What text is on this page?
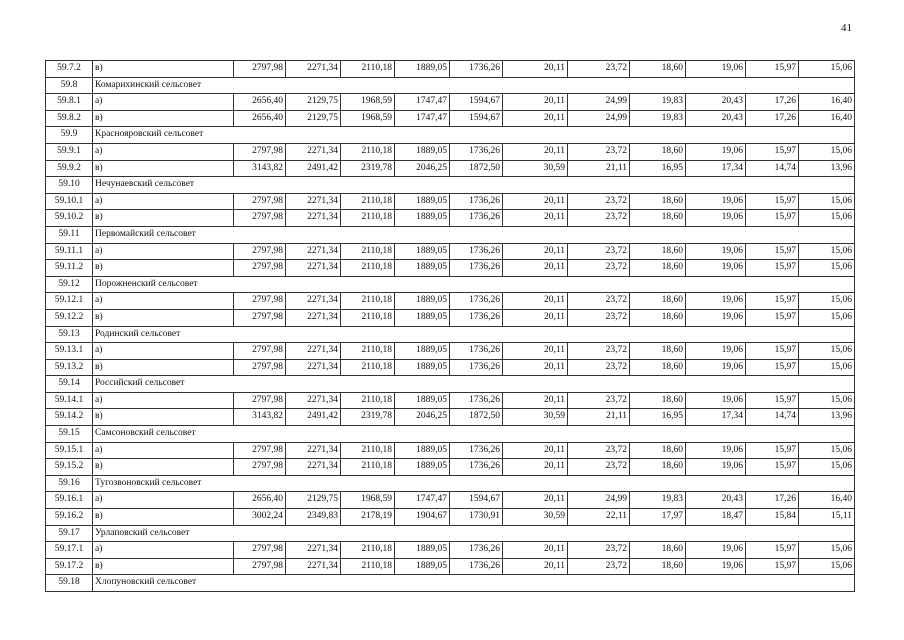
41
59.7.2	в)	2797,98	2271,34	2110,18	1889,05	1736,26	20,11	23,72	18,60	19,06	15,97	15,06
59.8	Комарихинский сельсовет											
59.8.1	а)	2656,40	2129,75	1968,59	1747,47	1594,67	20,11	24,99	19,83	20,43	17,26	16,40
59.8.2	в)	2656,40	2129,75	1968,59	1747,47	1594,67	20,11	24,99	19,83	20,43	17,26	16,40
59.9	Краснояровский сельсовет											
59.9.1	а)	2797,98	2271,34	2110,18	1889,05	1736,26	20,11	23,72	18,60	19,06	15,97	15,06
59.9.2	в)	3143,82	2491,42	2319,78	2046,25	1872,50	30,59	21,11	16,95	17,34	14,74	13,96
59.10	Нечунаевский сельсовет											
59.10.1	а)	2797,98	2271,34	2110,18	1889,05	1736,26	20,11	23,72	18,60	19,06	15,97	15,06
59.10.2	в)	2797,98	2271,34	2110,18	1889,05	1736,26	20,11	23,72	18,60	19,06	15,97	15,06
59.11	Первомайский сельсовет											
59.11.1	а)	2797,98	2271,34	2110,18	1889,05	1736,26	20,11	23,72	18,60	19,06	15,97	15,06
59.11.2	в)	2797,98	2271,34	2110,18	1889,05	1736,26	20,11	23,72	18,60	19,06	15,97	15,06
59.12	Порожненский сельсовет											
59.12.1	а)	2797,98	2271,34	2110,18	1889,05	1736,26	20,11	23,72	18,60	19,06	15,97	15,06
59.12.2	в)	2797,98	2271,34	2110,18	1889,05	1736,26	20,11	23,72	18,60	19,06	15,97	15,06
59.13	Родинский сельсовет											
59.13.1	а)	2797,98	2271,34	2110,18	1889,05	1736,26	20,11	23,72	18,60	19,06	15,97	15,06
59.13.2	в)	2797,98	2271,34	2110,18	1889,05	1736,26	20,11	23,72	18,60	19,06	15,97	15,06
59.14	Российский сельсовет											
59.14.1	а)	2797,98	2271,34	2110,18	1889,05	1736,26	20,11	23,72	18,60	19,06	15,97	15,06
59.14.2	в)	3143,82	2491,42	2319,78	2046,25	1872,50	30,59	21,11	16,95	17,34	14,74	13,96
59.15	Самсоновский сельсовет											
59.15.1	а)	2797,98	2271,34	2110,18	1889,05	1736,26	20,11	23,72	18,60	19,06	15,97	15,06
59.15.2	в)	2797,98	2271,34	2110,18	1889,05	1736,26	20,11	23,72	18,60	19,06	15,97	15,06
59.16	Тугозвоновский сельсовет											
59.16.1	а)	2656,40	2129,75	1968,59	1747,47	1594,67	20,11	24,99	19,83	20,43	17,26	16,40
59.16.2	в)	3002,24	2349,83	2178,19	1904,67	1730,91	30,59	22,11	17,97	18,47	15,84	15,11
59.17	Урлаповский сельсовет											
59.17.1	а)	2797,98	2271,34	2110,18	1889,05	1736,26	20,11	23,72	18,60	19,06	15,97	15,06
59.17.2	в)	2797,98	2271,34	2110,18	1889,05	1736,26	20,11	23,72	18,60	19,06	15,97	15,06
59.18	Хлопуновский сельсовет											
